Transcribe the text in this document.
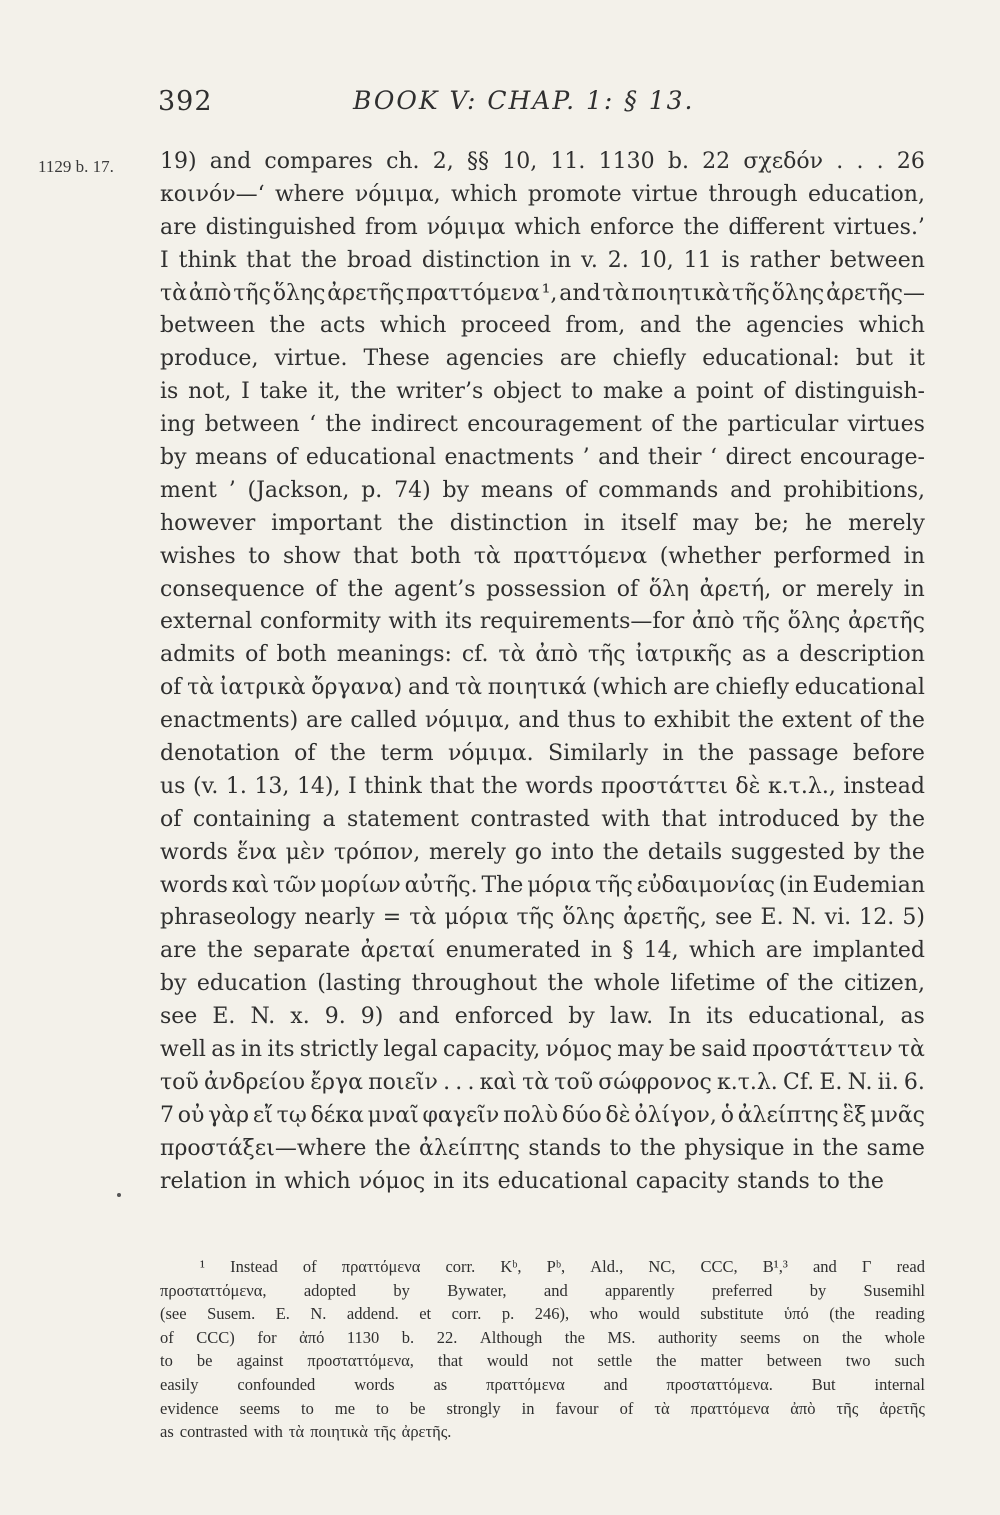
392	BOOK V: CHAP. 1: § 13.
1129 b. 17. 19) and compares ch. 2, §§ 10, 11. 1130 b. 22 σχεδόν . . . 26
κοινόν—‘ where νόμιμα, which promote virtue through education,
are distinguished from νόμιμα which enforce the different virtues.’
I think that the broad distinction in v. 2. 10, 11 is rather between
τὰ ἀπὸ τῆς ὅλης ἀρετῆς πραττόμενα ¹, and τὰ ποιητικὰ τῆς ὅλης ἀρετῆς—
between the acts which proceed from, and the agencies which
produce, virtue. These agencies are chiefly educational: but it
is not, I take it, the writer’s object to make a point of distinguish-
ing between ‘ the indirect encouragement of the particular virtues
by means of educational enactments ’ and their ‘ direct encourage-
ment ’ (Jackson, p. 74) by means of commands and prohibitions,
however important the distinction in itself may be; he merely
wishes to show that both τὰ πραττόμενα (whether performed in
consequence of the agent’s possession of ὅλη ἀρετή, or merely in
external conformity with its requirements—for ἀπὸ τῆς ὅλης ἀρετῆς
admits of both meanings: cf. τὰ ἀπὸ τῆς ἰατρικῆς as a description
of τὰ ἰατρικὰ ὄργανα) and τὰ ποιητικά (which are chiefly educational
enactments) are called νόμιμα, and thus to exhibit the extent of the
denotation of the term νόμιμα. Similarly in the passage before
us (v. 1. 13, 14), I think that the words προστάττει δὲ κ.τ.λ., instead
of containing a statement contrasted with that introduced by the
words ἕνα μὲν τρόπον, merely go into the details suggested by the
words καὶ τῶν μορίων αὐτῆς. The μόρια τῆς εὐδαιμονίας (in Eudemian
phraseology nearly = τὰ μόρια τῆς ὅλης ἀρετῆς, see E. N. vi. 12. 5)
are the separate ἀρεταί enumerated in § 14, which are implanted
by education (lasting throughout the whole lifetime of the citizen,
see E. N. x. 9. 9) and enforced by law. In its educational, as
well as in its strictly legal capacity, νόμος may be said προστάττειν τὰ
τοῦ ἀνδρείου ἔργα ποιεῖν . . . καὶ τὰ τοῦ σώφρονος κ.τ.λ. Cf. E. N. ii. 6.
7 οὐ γὰρ εἴ τῳ δέκα μναῖ φαγεῖν πολὺ δύο δὲ ὀλίγον, ὁ ἀλείπτης ἓξ μνᾶς
προστάξει—where the ἀλείπτης stands to the physique in the same
relation in which νόμος in its educational capacity stands to the
¹ Instead of πραττόμενα corr. Kᵇ, Pᵇ, Ald., NC, CCC, B¹,³ and Γ read
προσταττόμενα, adopted by Bywater, and apparently preferred by Susemihl
(see Susem. E. N. addend. et corr. p. 246), who would substitute ὑπό (the reading
of CCC) for ἀπό 1130 b. 22. Although the MS. authority seems on the whole
to be against προσταττόμενα, that would not settle the matter between two such
easily confounded words as πραττόμενα and προσταττόμενα. But internal
evidence seems to me to be strongly in favour of τὰ πραττόμενα ἀπὸ τῆς ἀρετῆς
as contrasted with τὰ ποιητικὰ τῆς ἀρετῆς.
